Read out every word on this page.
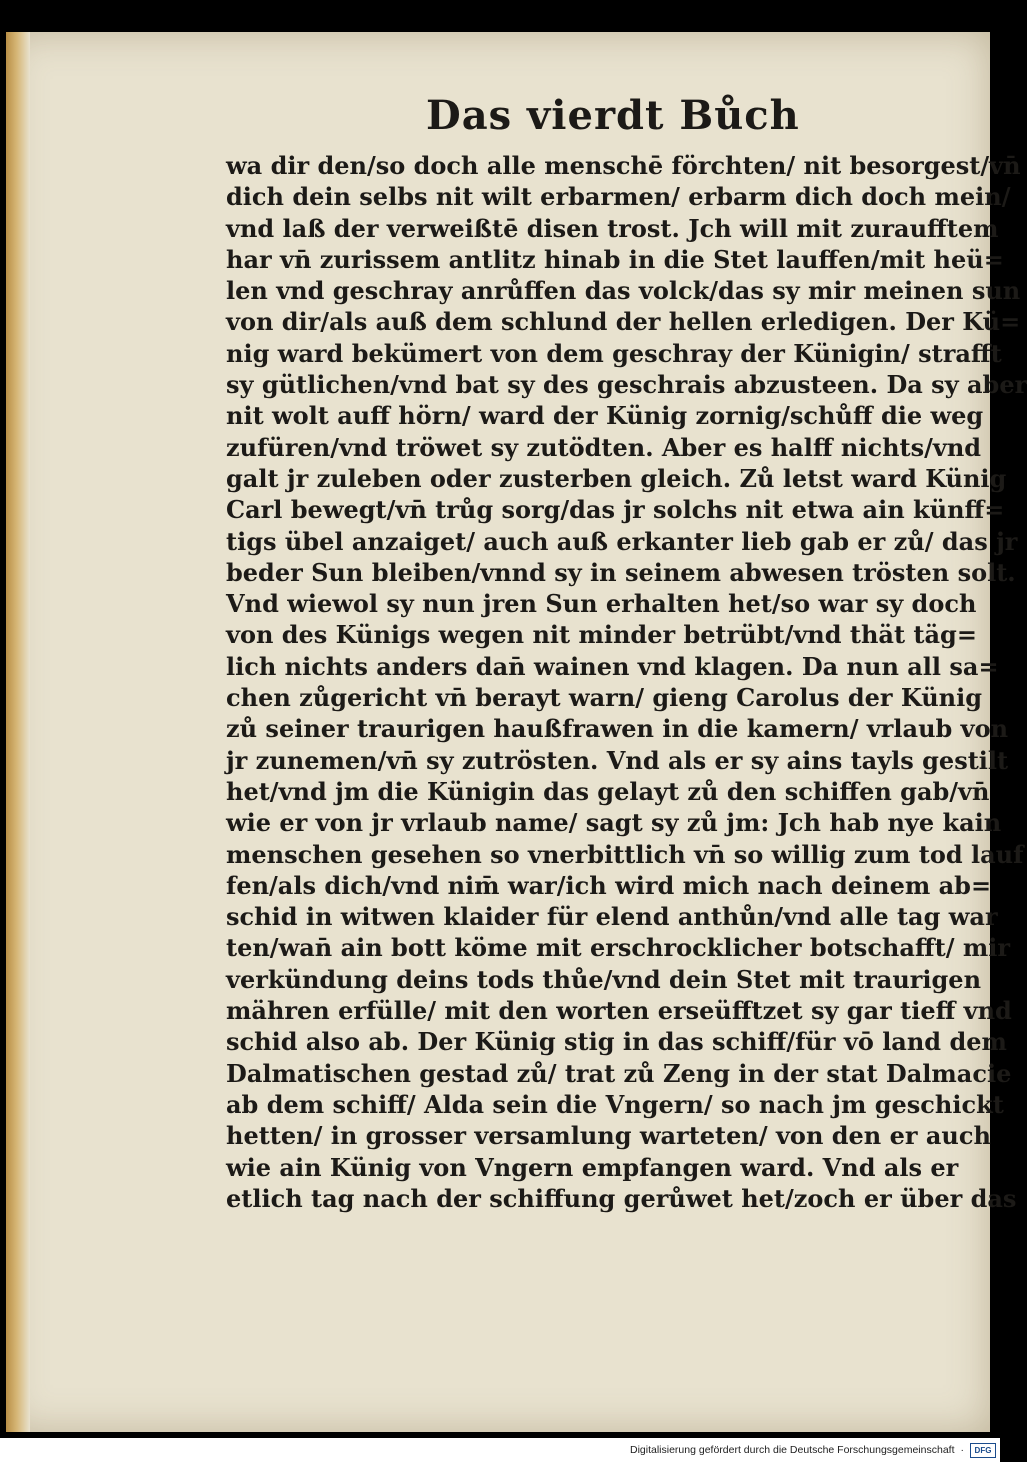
Das vierdt Bůch
wa dir den/so doch alle menschē förchten/ nit besorgest/vn̄
dich dein selbs nit wilt erbarmen/ erbarm dich doch mein/
vnd laß der verweißtē disen trost. Jch will mit zuraufftem
har vn̄ zurissem antlitz hinab in die Stet lauffen/mit heü=
len vnd geschray anrůffen das volck/das sy mir meinen sun
von dir/als auß dem schlund der hellen erledigen. Der Kü=
nig ward bekümert von dem geschray der Künigin/ strafft
sy gütlichen/vnd bat sy des geschrais abzusteen. Da sy aber
nit wolt auff hörn/ ward der Künig zornig/schůff die weg
zufüren/vnd tröwet sy zutödten. Aber es halff nichts/vnd
galt jr zuleben oder zusterben gleich. Zů letst ward Künig
Carl bewegt/vn̄ trůg sorg/das jr solchs nit etwa ain künff=
tigs übel anzaiget/ auch auß erkanter lieb gab er zů/ das jr
beder Sun bleiben/vnnd sy in seinem abwesen trösten solt.
Vnd wiewol sy nun jren Sun erhalten het/so war sy doch
von des Künigs wegen nit minder betrübt/vnd thät täg=
lich nichts anders dan̄ wainen vnd klagen. Da nun all sa=
chen zůgericht vn̄ berayt warn/ gieng Carolus der Künig
zů seiner traurigen haußfrawen in die kamern/ vrlaub von
jr zunemen/vn̄ sy zutrösten. Vnd als er sy ains tayls gestilt
het/vnd jm die Künigin das gelayt zů den schiffen gab/vn̄
wie er von jr vrlaub name/ sagt sy zů jm: Jch hab nye kain
menschen gesehen so vnerbittlich vn̄ so willig zum tod lauf
fen/als dich/vnd nim̄ war/ich wird mich nach deinem ab=
schid in witwen klaider für elend anthůn/vnd alle tag war
ten/wan̄ ain bott köme mit erschrocklicher botschafft/ mir
verkündung deins tods thůe/vnd dein Stet mit traurigen
mähren erfülle/ mit den worten erseüfftzet sy gar tieff vnd
schid also ab. Der Künig stig in das schiff/für vō land dem
Dalmatischen gestad zů/ trat zů Zeng in der stat Dalmacie
ab dem schiff/ Alda sein die Vngern/ so nach jm geschickt
hetten/ in grosser versamlung warteten/ von den er auch
wie ain Künig von Vngern empfangen ward. Vnd als er
etlich tag nach der schiffung gerůwet het/zoch er über das
Digitalisierung gefördert durch die Deutsche Forschungsgemeinschaft ·	DFG
